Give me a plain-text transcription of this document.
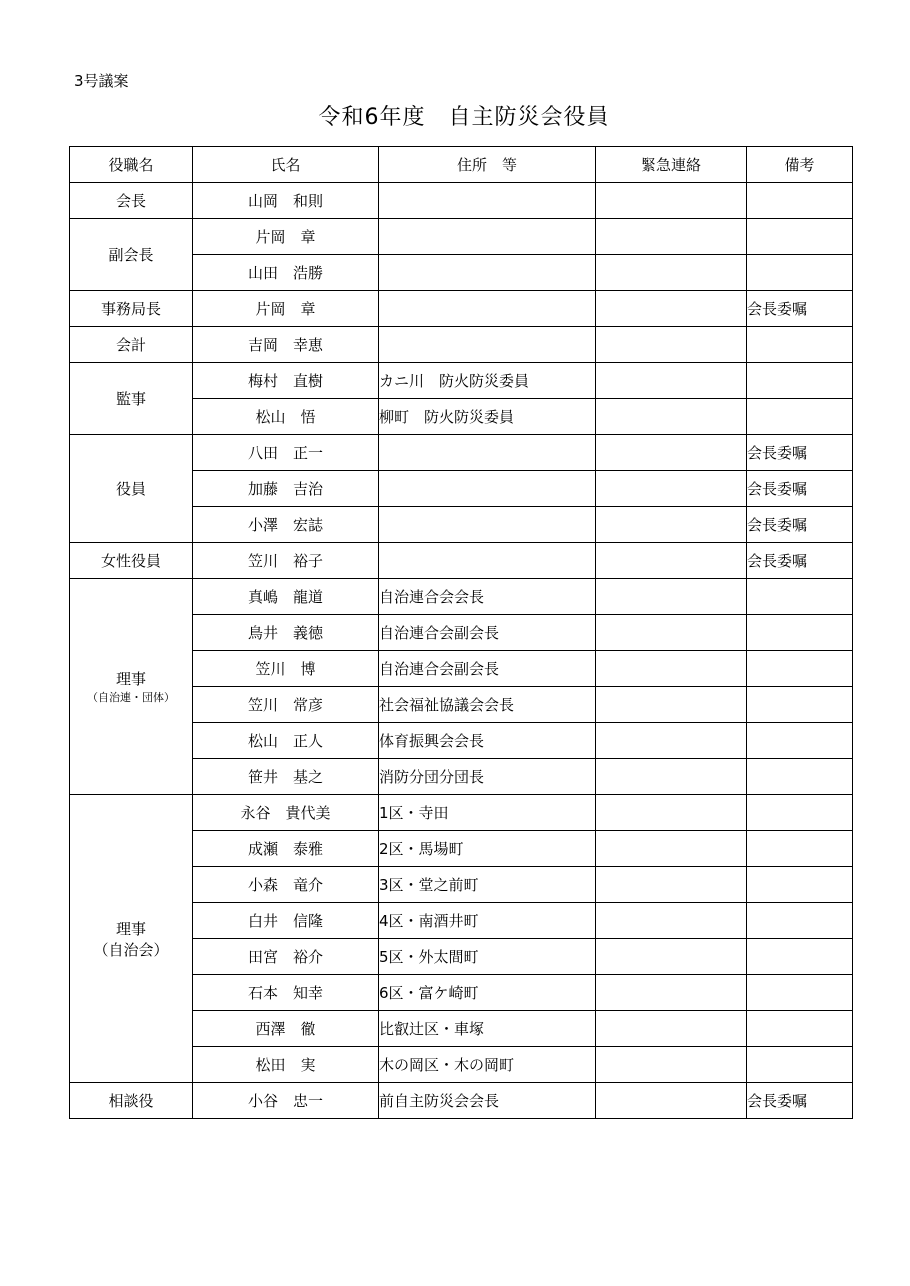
3号議案
令和6年度　自主防災会役員
役職名	氏名	住所　等	緊急連絡	備考
会長	山岡　和則			
副会長	片岡　章			
	山田　浩勝			
事務局長	片岡　章			会長委嘱
会計	吉岡　幸恵			
監事	梅村　直樹	カニ川　防火防災委員		
	松山　悟	柳町　防火防災委員		
役員	八田　正一			会長委嘱
	加藤　吉治			会長委嘱
	小澤　宏誌			会長委嘱
女性役員	笠川　裕子			会長委嘱

理事
（自治連・団体）	真嶋　龍道	自治連合会会長		
	鳥井　義徳	自治連合会副会長		
	笠川　博	自治連合会副会長		
	笠川　常彦	社会福祉協議会会長		
	松山　正人	体育振興会会長		
	笹井　基之	消防分団分団長		

理事
（自治会）	永谷　貴代美	1区・寺田		
	成瀬　泰雅	2区・馬場町		
	小森　竜介	3区・堂之前町		
	白井　信隆	4区・南酒井町		
	田宮　裕介	5区・外太間町		
	石本　知幸	6区・富ケ崎町		
	西澤　徹	比叡辻区・車塚		
	松田　実	木の岡区・木の岡町		
相談役	小谷　忠一	前自主防災会会長		会長委嘱
